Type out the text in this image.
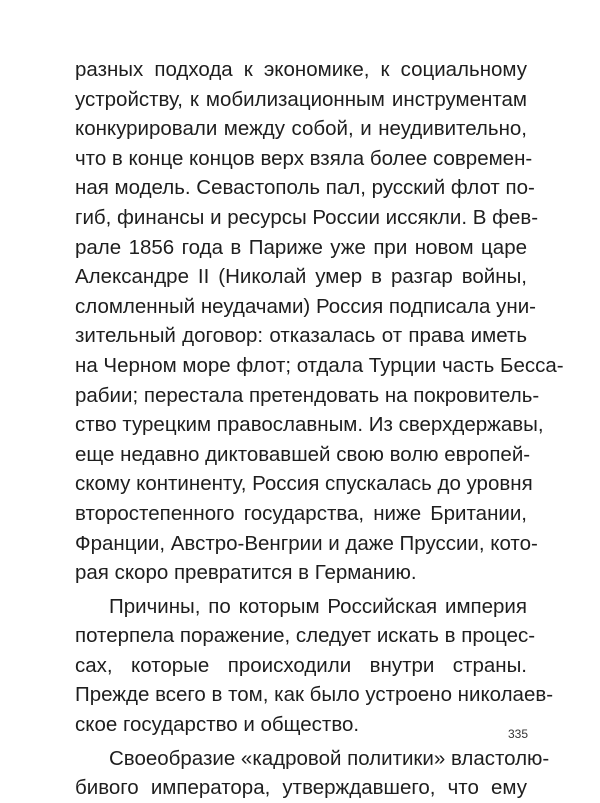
разных подхода к экономике, к социальному
устройству, к мобилизационным инструментам
конкурировали между собой, и неудивительно,
что в конце концов верх взяла более современ-
ная модель. Севастополь пал, русский флот по-
гиб, финансы и ресурсы России иссякли. В фев-
рале 1856 года в Париже уже при новом царе
Александре II (Николай умер в разгар войны,
сломленный неудачами) Россия подписала уни-
зительный договор: отказалась от права иметь
на Черном море флот; отдала Турции часть Бесса-
рабии; перестала претендовать на покровитель-
ство турецким православным. Из сверхдержавы,
еще недавно диктовавшей свою волю европей-
скому континенту, Россия спускалась до уровня
второстепенного государства, ниже Британии,
Франции, Австро-Венгрии и даже Пруссии, кото-
рая скоро превратится в Германию.
Причины, по которым Российская империя
потерпела поражение, следует искать в процес-
сах, которые происходили внутри страны.
Прежде всего в том, как было устроено николаев-
ское государство и общество.
Своеобразие «кадровой политики» властолю-
бивого императора, утверждавшего, что ему
335
